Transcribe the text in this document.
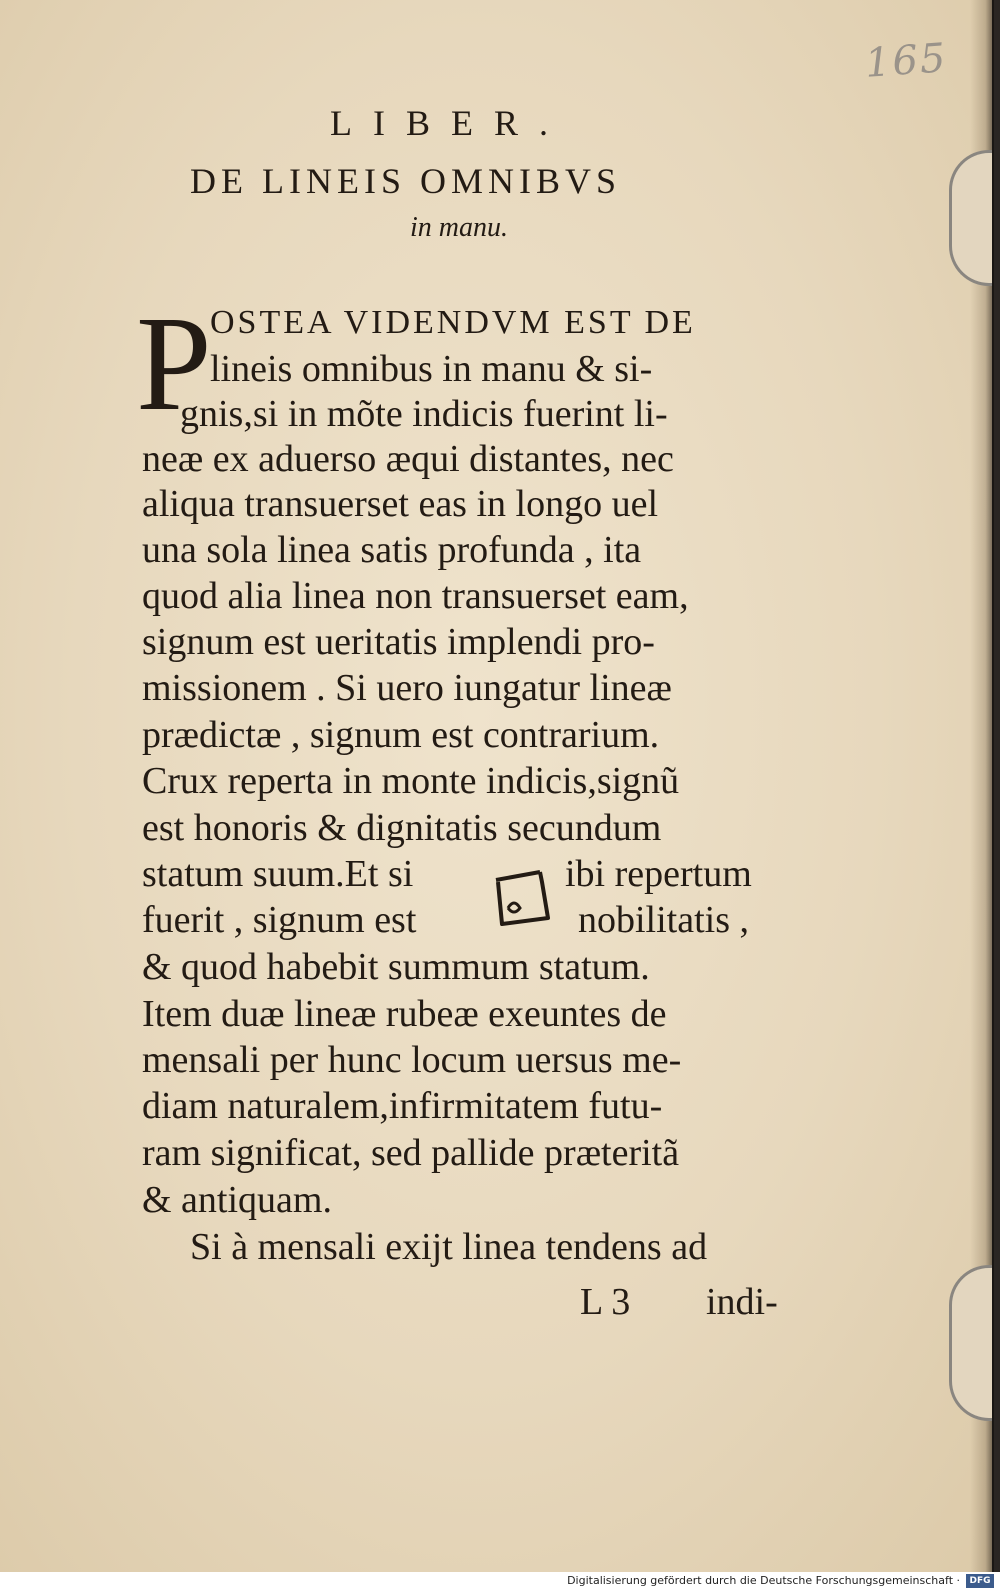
165
LIBER.
DE LINEIS OMNIBVS
in manu.
P
OSTEA VIDENDVM EST DE
lineis omnibus in manu & si-
gnis,si in mõte indicis fuerint li-
neæ ex aduerso æqui distantes, nec
aliqua transuerset eas in longo uel
una sola linea satis profunda , ita
quod alia linea non transuerset eam,
signum est ueritatis implendi pro-
missionem . Si uero iungatur lineæ
prædictæ , signum est contrarium.
Crux reperta in monte indicis,signũ
est honoris & dignitatis secundum
statum suum.Et si	ibi repertum
fuerit , signum est	nobilitatis ,
& quod habebit summum statum.
Item duæ lineæ rubeæ exeuntes de
mensali per hunc locum uersus me-
diam naturalem,infirmitatem futu-
ram significat, sed pallide præteritã
& antiquam.
Si à mensali exijt linea tendens ad
L 3 indi-
Digitalisierung gefördert durch die Deutsche Forschungsgemeinschaft ·	DFG
